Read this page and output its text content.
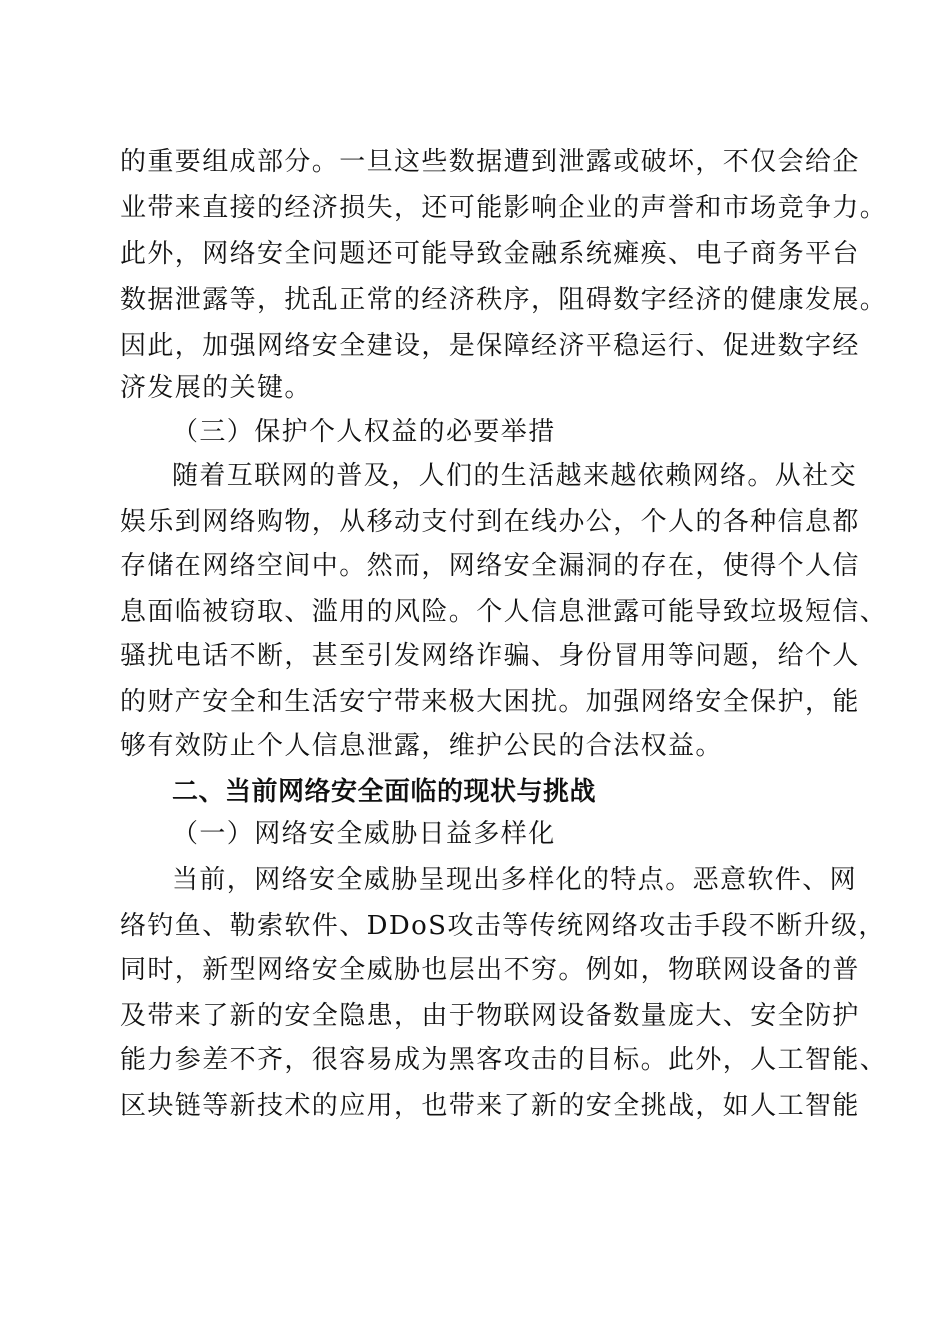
的重要组成部分。一旦这些数据遭到泄露或破坏，不仅会给企
业带来直接的经济损失，还可能影响企业的声誉和市场竞争力。
此外，网络安全问题还可能导致金融系统瘫痪、电子商务平台
数据泄露等，扰乱正常的经济秩序，阻碍数字经济的健康发展。
因此，加强网络安全建设，是保障经济平稳运行、促进数字经
济发展的关键。
（三）保护个人权益的必要举措
随着互联网的普及，人们的生活越来越依赖网络。从社交
娱乐到网络购物，从移动支付到在线办公，个人的各种信息都
存储在网络空间中。然而，网络安全漏洞的存在，使得个人信
息面临被窃取、滥用的风险。个人信息泄露可能导致垃圾短信、
骚扰电话不断，甚至引发网络诈骗、身份冒用等问题，给个人
的财产安全和生活安宁带来极大困扰。加强网络安全保护，能
够有效防止个人信息泄露，维护公民的合法权益。
二、当前网络安全面临的现状与挑战
（一）网络安全威胁日益多样化
当前，网络安全威胁呈现出多样化的特点。恶意软件、网
络钓鱼、勒索软件、DDoS攻击等传统网络攻击手段不断升级，
同时，新型网络安全威胁也层出不穷。例如，物联网设备的普
及带来了新的安全隐患，由于物联网设备数量庞大、安全防护
能力参差不齐，很容易成为黑客攻击的目标。此外，人工智能、
区块链等新技术的应用，也带来了新的安全挑战，如人工智能
